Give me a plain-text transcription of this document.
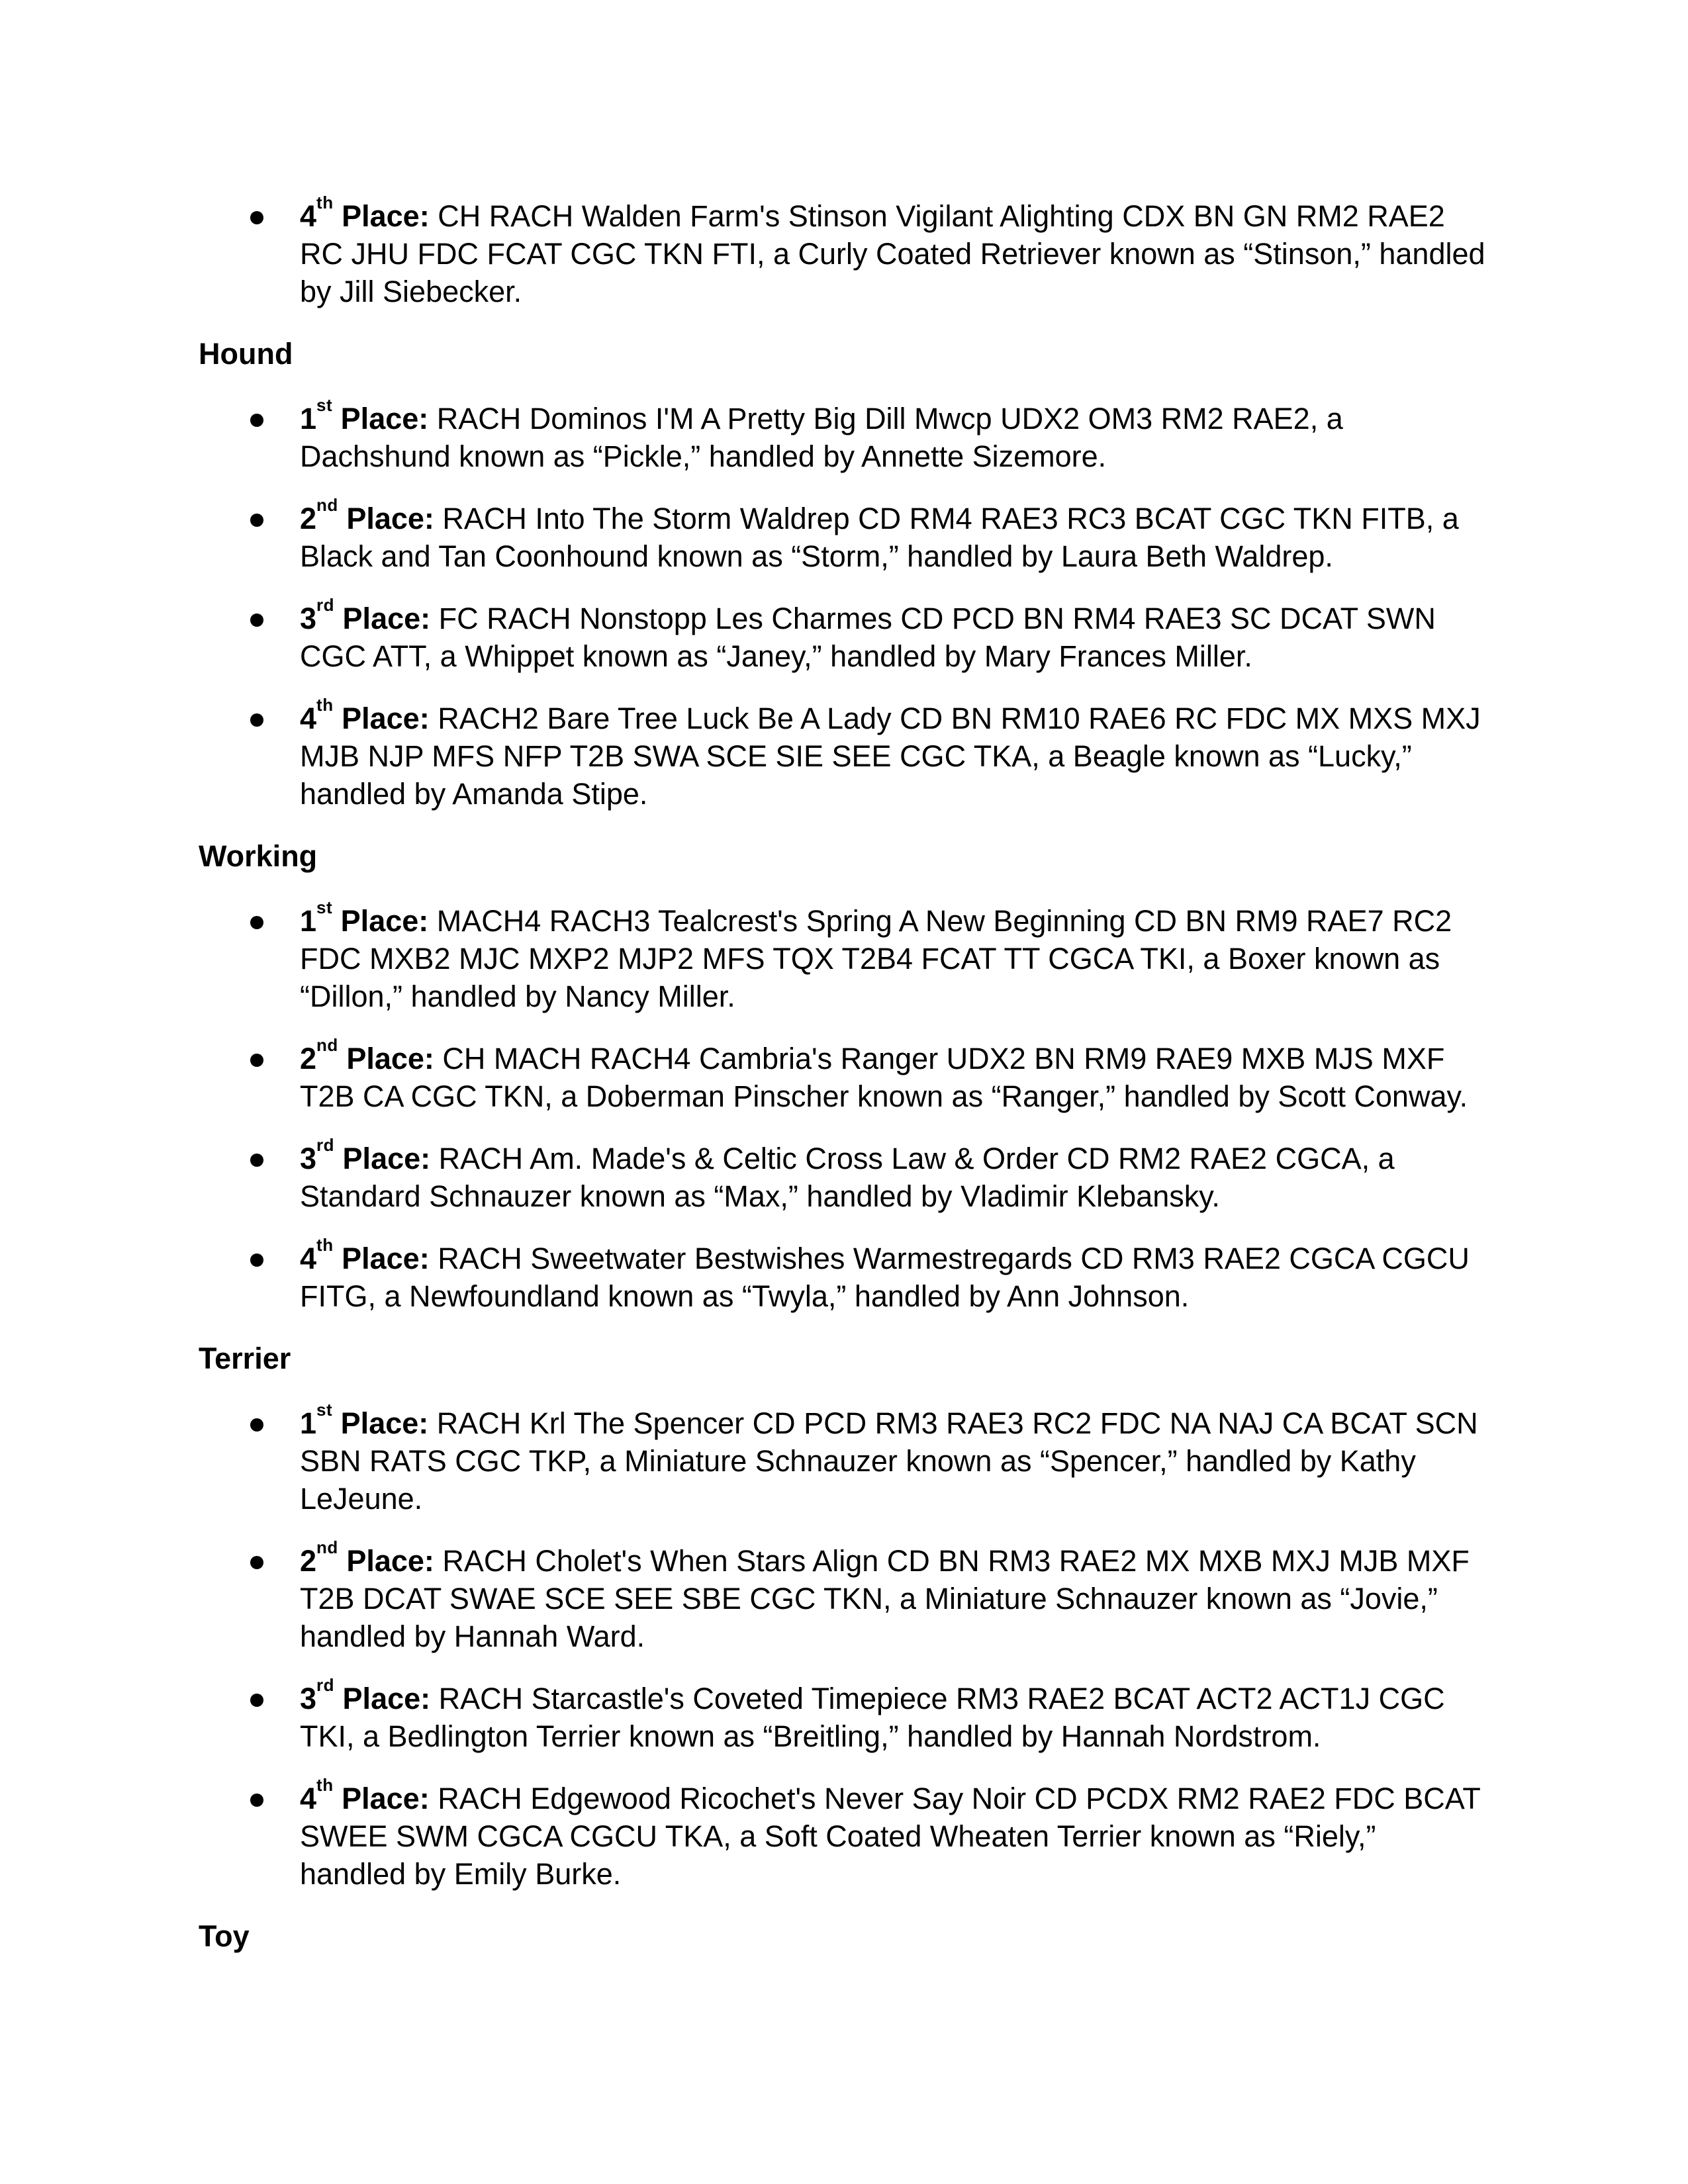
4th Place: CH RACH Walden Farm's Stinson Vigilant Alighting CDX BN GN RM2 RAE2 RC JHU FDC FCAT CGC TKN FTI, a Curly Coated Retriever known as “Stinson,” handled by Jill Siebecker.
Hound
1st Place: RACH Dominos I'M A Pretty Big Dill Mwcp UDX2 OM3 RM2 RAE2, a Dachshund known as “Pickle,” handled by Annette Sizemore.
2nd Place: RACH Into The Storm Waldrep CD RM4 RAE3 RC3 BCAT CGC TKN FITB, a Black and Tan Coonhound known as “Storm,” handled by Laura Beth Waldrep.
3rd Place: FC RACH Nonstopp Les Charmes CD PCD BN RM4 RAE3 SC DCAT SWN CGC ATT, a Whippet known as “Janey,” handled by Mary Frances Miller.
4th Place: RACH2 Bare Tree Luck Be A Lady CD BN RM10 RAE6 RC FDC MX MXS MXJ MJB NJP MFS NFP T2B SWA SCE SIE SEE CGC TKA, a Beagle known as “Lucky,” handled by Amanda Stipe.
Working
1st Place: MACH4 RACH3 Tealcrest's Spring A New Beginning CD BN RM9 RAE7 RC2 FDC MXB2 MJC MXP2 MJP2 MFS TQX T2B4 FCAT TT CGCA TKI, a Boxer known as “Dillon,” handled by Nancy Miller.
2nd Place: CH MACH RACH4 Cambria's Ranger UDX2 BN RM9 RAE9 MXB MJS MXF T2B CA CGC TKN, a Doberman Pinscher known as “Ranger,” handled by Scott Conway.
3rd Place: RACH Am. Made's & Celtic Cross Law & Order CD RM2 RAE2 CGCA, a Standard Schnauzer known as “Max,” handled by Vladimir Klebansky.
4th Place: RACH Sweetwater Bestwishes Warmestregards CD RM3 RAE2 CGCA CGCU FITG, a Newfoundland known as “Twyla,” handled by Ann Johnson.
Terrier
1st Place: RACH Krl The Spencer CD PCD RM3 RAE3 RC2 FDC NA NAJ CA BCAT SCN SBN RATS CGC TKP, a Miniature Schnauzer known as “Spencer,” handled by Kathy LeJeune.
2nd Place: RACH Cholet's When Stars Align CD BN RM3 RAE2 MX MXB MXJ MJB MXF T2B DCAT SWAE SCE SEE SBE CGC TKN, a Miniature Schnauzer known as “Jovie,” handled by Hannah Ward.
3rd Place: RACH Starcastle's Coveted Timepiece RM3 RAE2 BCAT ACT2 ACT1J CGC TKI, a Bedlington Terrier known as “Breitling,” handled by Hannah Nordstrom.
4th Place: RACH Edgewood Ricochet's Never Say Noir CD PCDX RM2 RAE2 FDC BCAT SWEE SWM CGCA CGCU TKA, a Soft Coated Wheaten Terrier known as “Riely,” handled by Emily Burke.
Toy
